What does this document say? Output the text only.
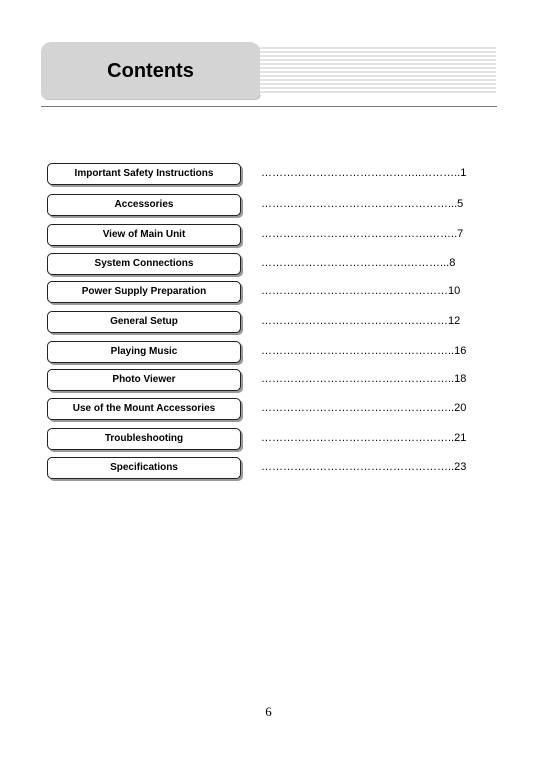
Contents
Important Safety Instructions	……………………………………..………..1
Accessories	……………………………………………...5
View of Main Unit	……………………………………….……..7
System Connections	………………………………….………...8
Power Supply Preparation	……………………………………………10
General Setup	……………………………………………12
Playing Music	……………………………………………..16
Photo Viewer	……………………………………………..18
Use of the Mount Accessories	……………………………………………..20
Troubleshooting	……………………………………………..21
Specifications	……………………………………………..23
6
